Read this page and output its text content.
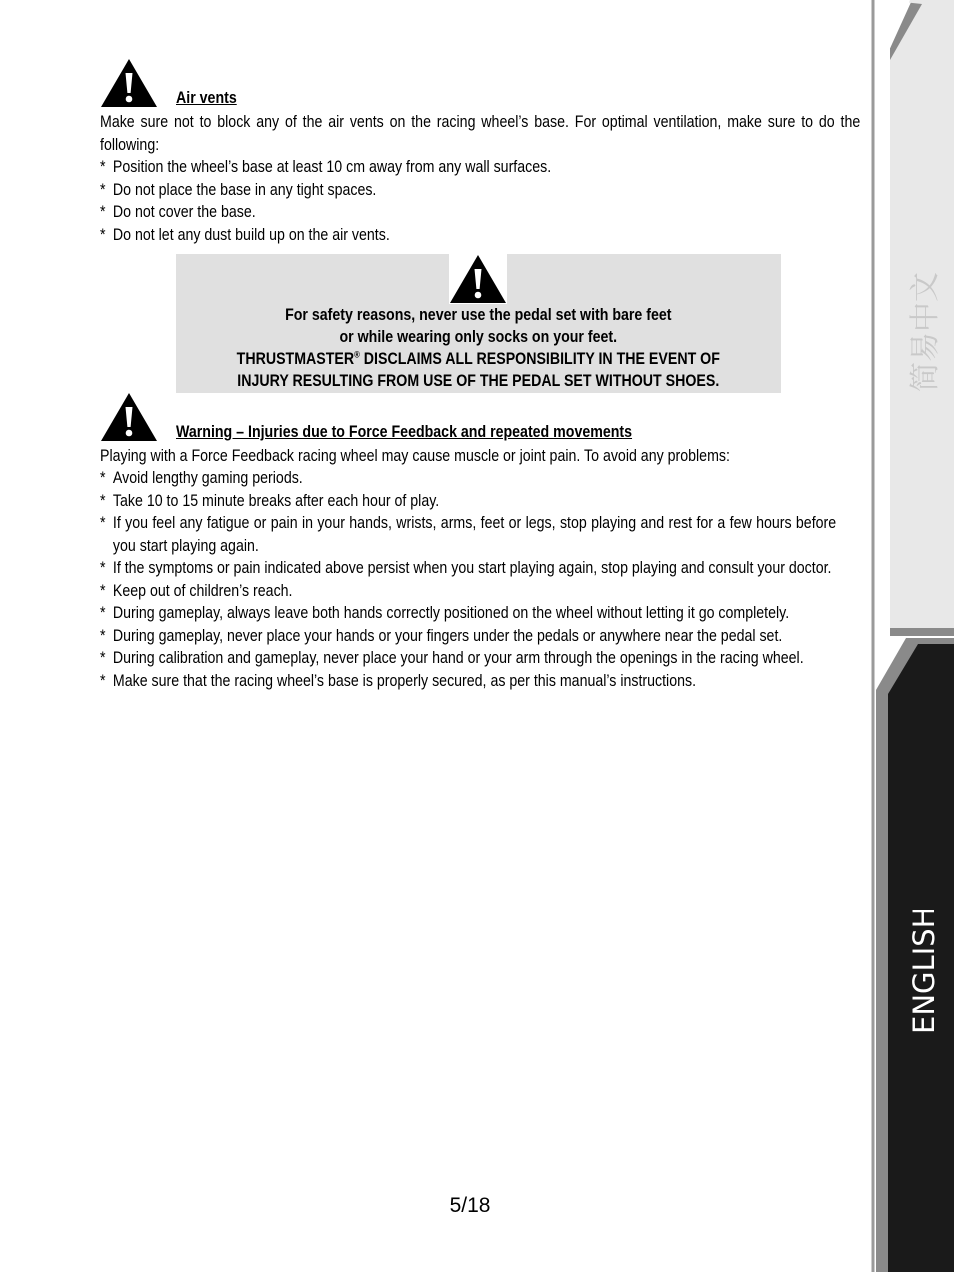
简易中文
ENGLISH
Air vents
Make sure not to block any of the air vents on the racing wheel’s base. For optimal ventilation, make sure to do the following:
* Position the wheel’s base at least 10 cm away from any wall surfaces.
* Do not place the base in any tight spaces.
* Do not cover the base.
* Do not let any dust build up on the air vents.
Warning – Injuries due to Force Feedback and repeated movements
Playing with a Force Feedback racing wheel may cause muscle or joint pain. To avoid any problems:
* Avoid lengthy gaming periods.
* Take 10 to 15 minute breaks after each hour of play.
* If you feel any fatigue or pain in your hands, wrists, arms, feet or legs, stop playing and rest for a few hours before you start playing again.
* If the symptoms or pain indicated above persist when you start playing again, stop playing and consult your doctor.
* Keep out of children’s reach.
* During gameplay, always leave both hands correctly positioned on the wheel without letting it go completely.
* During gameplay, never place your hands or your fingers under the pedals or anywhere near the pedal set.
* During calibration and gameplay, never place your hand or your arm through the openings in the racing wheel.
* Make sure that the racing wheel’s base is properly secured, as per this manual’s instructions.
For safety reasons, never use the pedal set with bare feet
or while wearing only socks on your feet.
THRUSTMASTER® DISCLAIMS ALL RESPONSIBILITY IN THE EVENT OF
INJURY RESULTING FROM USE OF THE PEDAL SET WITHOUT SHOES.
5/18
